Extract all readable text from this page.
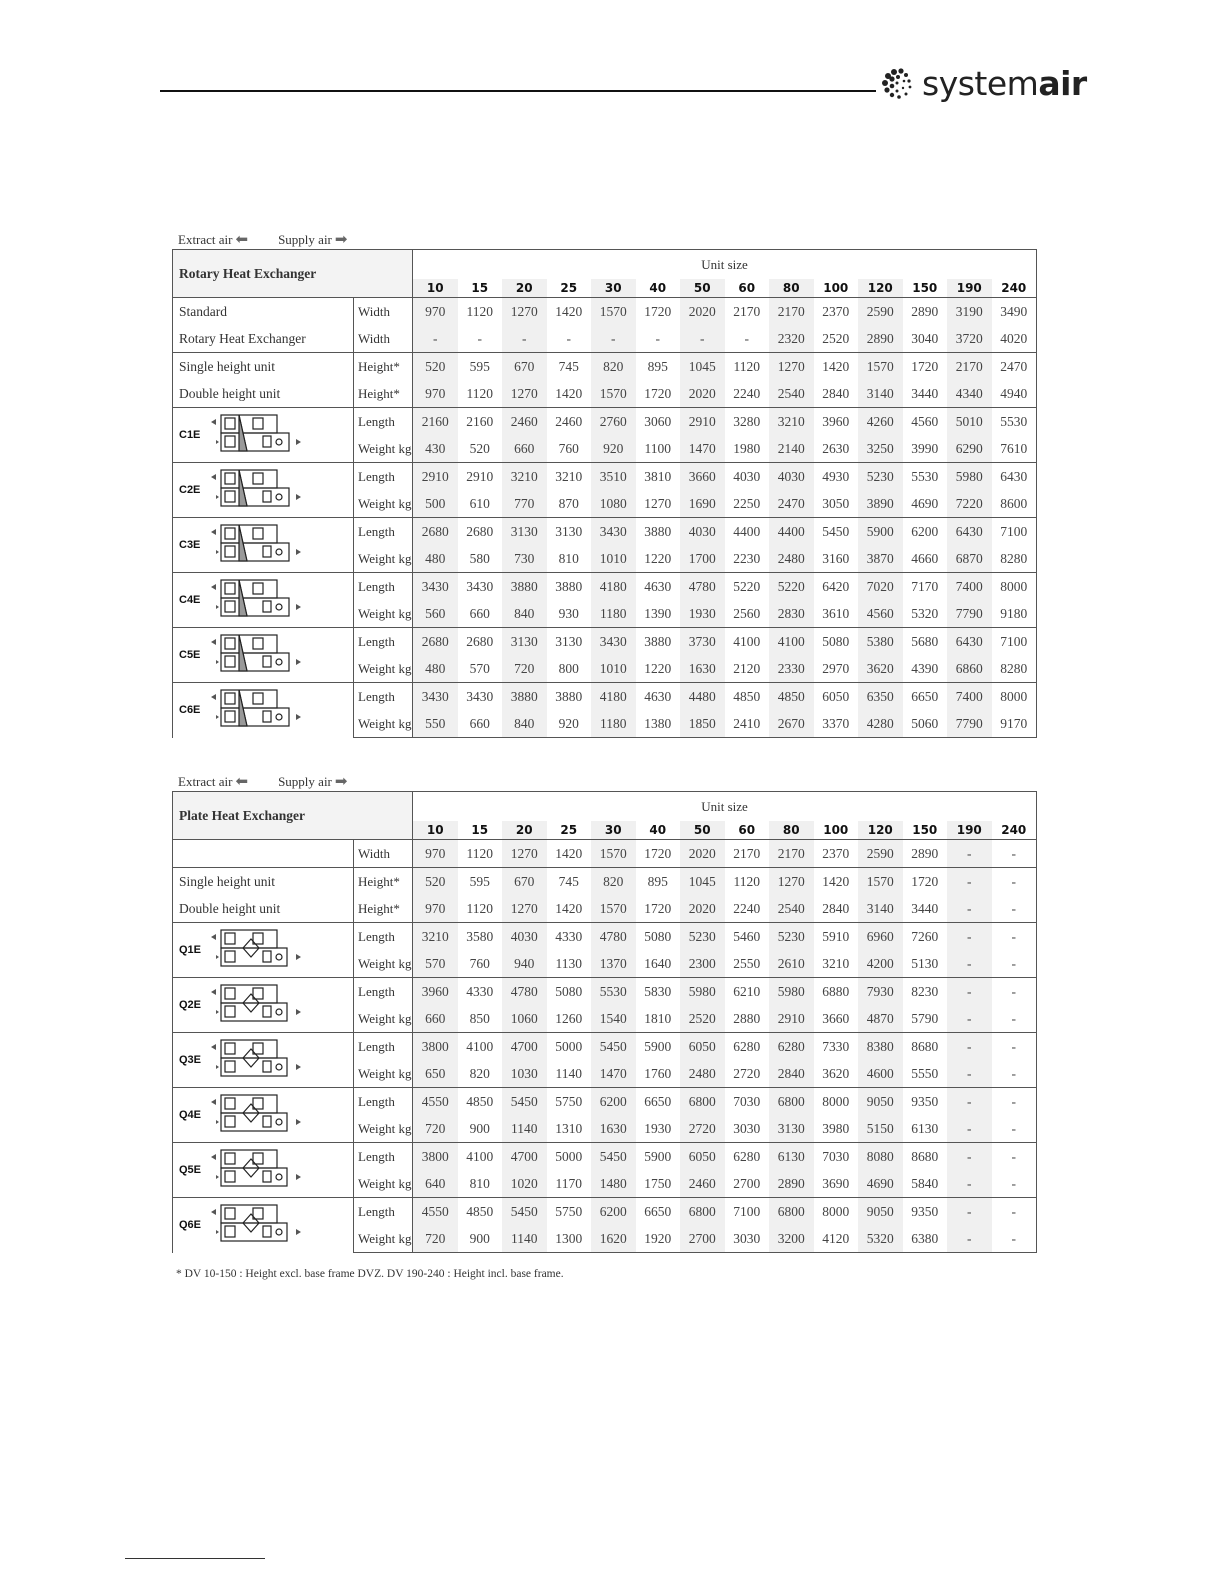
systemair
Extract air ⬅ Supply air ➡
Rotary Heat Exchanger		Unit size													
		10	15	20	25	30	40	50	60	80	100	120	150	190	240
Standard	Width	970	1120	1270	1420	1570	1720	2020	2170	2170	2370	2590	2890	3190	3490
Rotary Heat Exchanger	Width	-	-	-	-	-	-	-	-	2320	2520	2890	3040	3720	4020
Single height unit	Height*	520	595	670	745	820	895	1045	1120	1270	1420	1570	1720	2170	2470
Double height unit	Height*	970	1120	1270	1420	1570	1720	2020	2240	2540	2840	3140	3440	4340	4940

C1E	Length	2160	2160	2460	2460	2760	3060	2910	3280	3210	3960	4260	4560	5010	5530
	Weight kg	430	520	660	760	920	1100	1470	1980	2140	2630	3250	3990	6290	7610

C2E	Length	2910	2910	3210	3210	3510	3810	3660	4030	4030	4930	5230	5530	5980	6430
	Weight kg	500	610	770	870	1080	1270	1690	2250	2470	3050	3890	4690	7220	8600

C3E	Length	2680	2680	3130	3130	3430	3880	4030	4400	4400	5450	5900	6200	6430	7100
	Weight kg	480	580	730	810	1010	1220	1700	2230	2480	3160	3870	4660	6870	8280

C4E	Length	3430	3430	3880	3880	4180	4630	4780	5220	5220	6420	7020	7170	7400	8000
	Weight kg	560	660	840	930	1180	1390	1930	2560	2830	3610	4560	5320	7790	9180

C5E	Length	2680	2680	3130	3130	3430	3880	3730	4100	4100	5080	5380	5680	6430	7100
	Weight kg	480	570	720	800	1010	1220	1630	2120	2330	2970	3620	4390	6860	8280

C6E	Length	3430	3430	3880	3880	4180	4630	4480	4850	4850	6050	6350	6650	7400	8000
	Weight kg	550	660	840	920	1180	1380	1850	2410	2670	3370	4280	5060	7790	9170
Extract air ⬅ Supply air ➡
Plate Heat Exchanger		Unit size													
		10	15	20	25	30	40	50	60	80	100	120	150	190	240
	Width	970	1120	1270	1420	1570	1720	2020	2170	2170	2370	2590	2890	-	-
Single height unit	Height*	520	595	670	745	820	895	1045	1120	1270	1420	1570	1720	-	-
Double height unit	Height*	970	1120	1270	1420	1570	1720	2020	2240	2540	2840	3140	3440	-	-

Q1E	Length	3210	3580	4030	4330	4780	5080	5230	5460	5230	5910	6960	7260	-	-
	Weight kg	570	760	940	1130	1370	1640	2300	2550	2610	3210	4200	5130	-	-

Q2E	Length	3960	4330	4780	5080	5530	5830	5980	6210	5980	6880	7930	8230	-	-
	Weight kg	660	850	1060	1260	1540	1810	2520	2880	2910	3660	4870	5790	-	-

Q3E	Length	3800	4100	4700	5000	5450	5900	6050	6280	6280	7330	8380	8680	-	-
	Weight kg	650	820	1030	1140	1470	1760	2480	2720	2840	3620	4600	5550	-	-

Q4E	Length	4550	4850	5450	5750	6200	6650	6800	7030	6800	8000	9050	9350	-	-
	Weight kg	720	900	1140	1310	1630	1930	2720	3030	3130	3980	5150	6130	-	-

Q5E	Length	3800	4100	4700	5000	5450	5900	6050	6280	6130	7030	8080	8680	-	-
	Weight kg	640	810	1020	1170	1480	1750	2460	2700	2890	3690	4690	5840	-	-

Q6E	Length	4550	4850	5450	5750	6200	6650	6800	7100	6800	8000	9050	9350	-	-
	Weight kg	720	900	1140	1300	1620	1920	2700	3030	3200	4120	5320	6380	-	-
* DV 10-150 : Height excl. base frame DVZ. DV 190-240 : Height incl. base frame.
